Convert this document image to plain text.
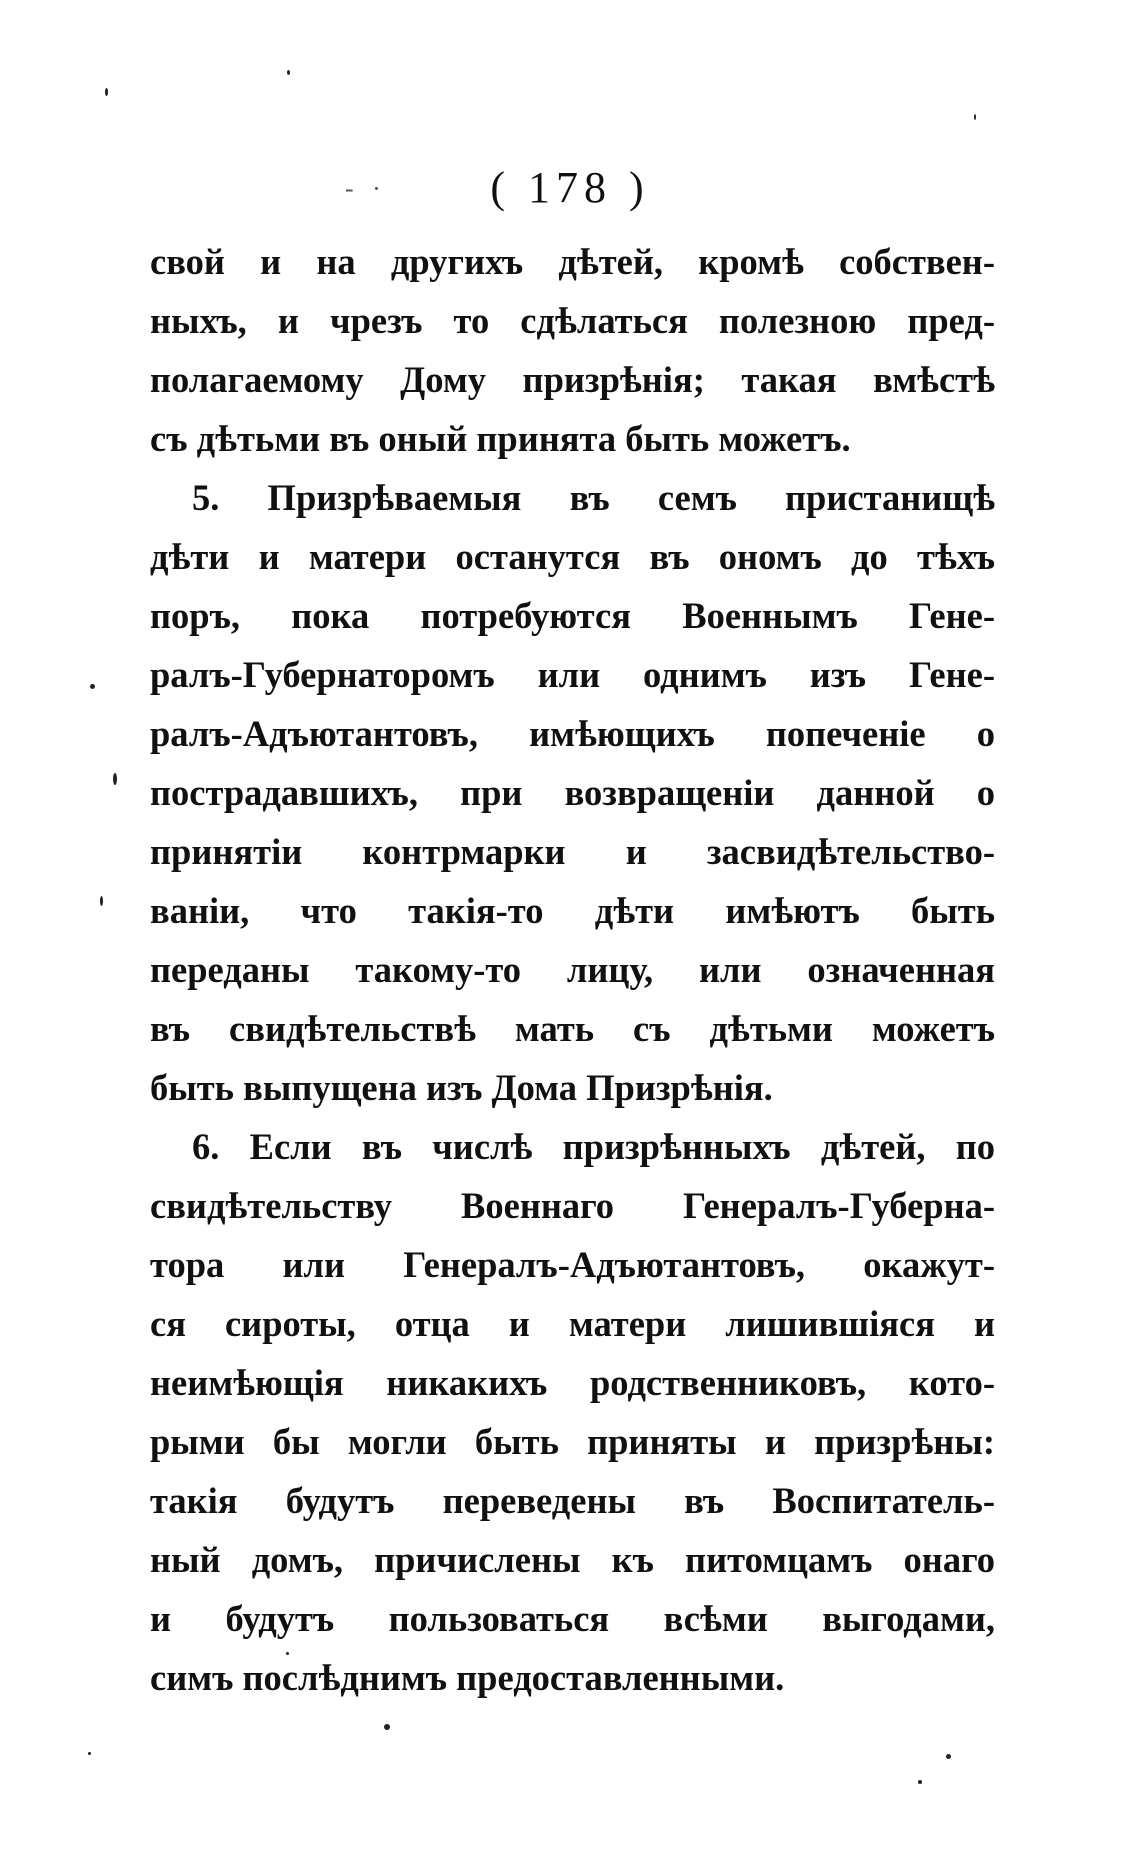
- · ( 178 )
свой и на другихъ дѣтей, кромѣ собствен-
ныхъ, и чрезъ то сдѣлаться полезною пред-
полагаемому Дому призрѣнія; такая вмѣстѣ
съ дѣтьми въ оный принята быть можетъ.
5. Призрѣваемыя въ семъ пристанищѣ
дѣти и матери останутся въ ономъ до тѣхъ
поръ, пока потребуются Военнымъ Гене-
ралъ-Губернаторомъ или однимъ изъ Гене-
ралъ-Адъютантовъ, имѣющихъ попеченіе о
пострадавшихъ, при возвращеніи данной о
принятіи контрмарки и засвидѣтельство-
ваніи, что такія-то дѣти имѣютъ быть
переданы такому-то лицу, или означенная
въ свидѣтельствѣ мать съ дѣтьми можетъ
быть выпущена изъ Дома Призрѣнія.
6. Если въ числѣ призрѣнныхъ дѣтей, по
свидѣтельству Военнаго Генералъ-Губерна-
тора или Генералъ-Адъютантовъ, окажут-
ся сироты, отца и матери лишившіяся и
неимѣющія никакихъ родственниковъ, кото-
рыми бы могли быть приняты и призрѣны:
такія будутъ переведены въ Воспитатель-
ный домъ, причислены къ питомцамъ онаго
и будутъ пользоваться всѣми выгодами,
симъ послѣднимъ предоставленными.
